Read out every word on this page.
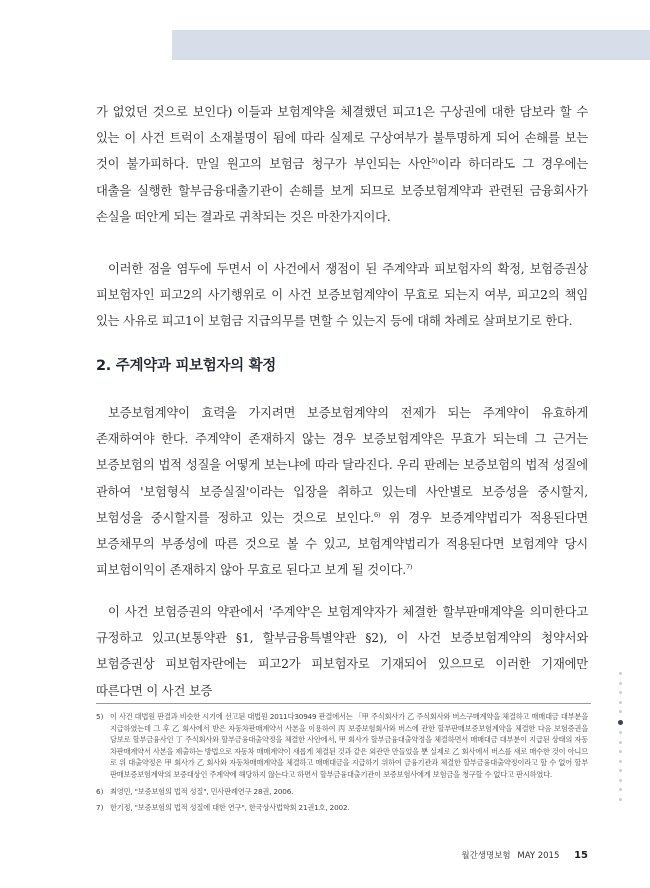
가 없었던 것으로 보인다) 이들과 보험계약을 체결했던 피고1은 구상권에 대한 담보라 할 수 있는 이 사건 트럭이 소재불명이 됨에 따라 실제로 구상여부가 불투명하게 되어 손해를 보는 것이 불가피하다. 만일 원고의 보험금 청구가 부인되는 사안$^{5)}$이라 하더라도 그 경우에는 대출을 실행한 할부금융대출기관이 손해를 보게 되므로 보증보험계약과 관련된 금융회사가 손실을 떠안게 되는 결과로 귀착되는 것은 마찬가지이다.

이러한 점을 염두에 두면서 이 사건에서 쟁점이 된 주계약과 피보험자의 확정, 보험증권상 피보험자인 피고2의 사기행위로 이 사건 보증보험계약이 무효로 되는지 여부, 피고2의 책임 있는 사유로 피고1이 보험금 지급의무를 면할 수 있는지 등에 대해 차례로 살펴보기로 한다.

2. 주계약과 피보험자의 확정

보증보험계약이 효력을 가지려면 보증보험계약의 전제가 되는 주계약이 유효하게 존재하여야 한다. 주계약이 존재하지 않는 경우 보증보험계약은 무효가 되는데 그 근거는 보증보험의 법적 성질을 어떻게 보는냐에 따라 달라진다. 우리 판례는 보증보험의 법적 성질에 관하여 '보험형식 보증실질'이라는 입장을 취하고 있는데 사안별로 보증성을 중시할지, 보험성을 중시할지를 정하고 있는 것으로 보인다.$^{6)}$ 위 경우 보증계약법리가 적용된다면 보증채무의 부종성에 따른 것으로 볼 수 있고, 보험계약법리가 적용된다면 보험계약 당시 피보험이익이 존재하지 않아 무효로 된다고 보게 될 것이다.$^{7)}$

이 사건 보험증권의 약관에서 '주계약'은 보험계약자가 체결한 할부판매계약을 의미한다고 규정하고 있고(보통약관 §1, 할부금융특별약관 §2), 이 사건 보증보험계약의 청약서와 보험증권상 피보험자란에는 피고2가 피보험자로 기재되어 있으므로 이러한 기재에만 따른다면 이 사건 보증

5) 이 사건 대법원 판결과 비슷한 시기에 선고된 대법원 2011다30949 판결에서는 「甲 주식회사가 乙 주식회사와 버스구매계약을 체결하고 매매대금 대부분을 지급하였는데 그 후 乙 회사에서 받은 자동차판매계약서 사본을 이용하여 丙 보증보험회사와 버스에 관한 할부판매보증보험계약을 체결한 다음 보험증권을 담보로 할부금융사인 丁 주식회사와 할부금융대출약정을 체결한 사안에서, 甲 회사가 할부금융대출약정을 체결하면서 매매대금 대부분이 지급된 상태의 자동차판매계약서 사본을 제출하는 방법으로 자동차 매매계약이 새롭게 체결된 것과 같은 외관만 만들었을 뿐 실제로 乙 회사에서 버스를 새로 매수한 것이 아니므로 위 대출약정은 甲 회사가 乙 회사와 자동차매매계약을 체결하고 매매대금을 지급하기 위하여 금융기관과 체결한 할부금융대출약정이라고 할 수 없어 할부판매보증보험계약의 보증대상인 주계약에 해당하지 않는다고 하면서 할부금융대출기관이 보증보험사에게 보험금을 청구할 수 없다고 판시하였다.
6) 최영민, "보증보험의 법적 성질", 민사판례연구 28권, 2006.
7) 한기정, "보증보험의 법적 성질에 대한 연구", 한국상사법학회 21권1호, 2002.
월간생명보험 MAY 2015 15
